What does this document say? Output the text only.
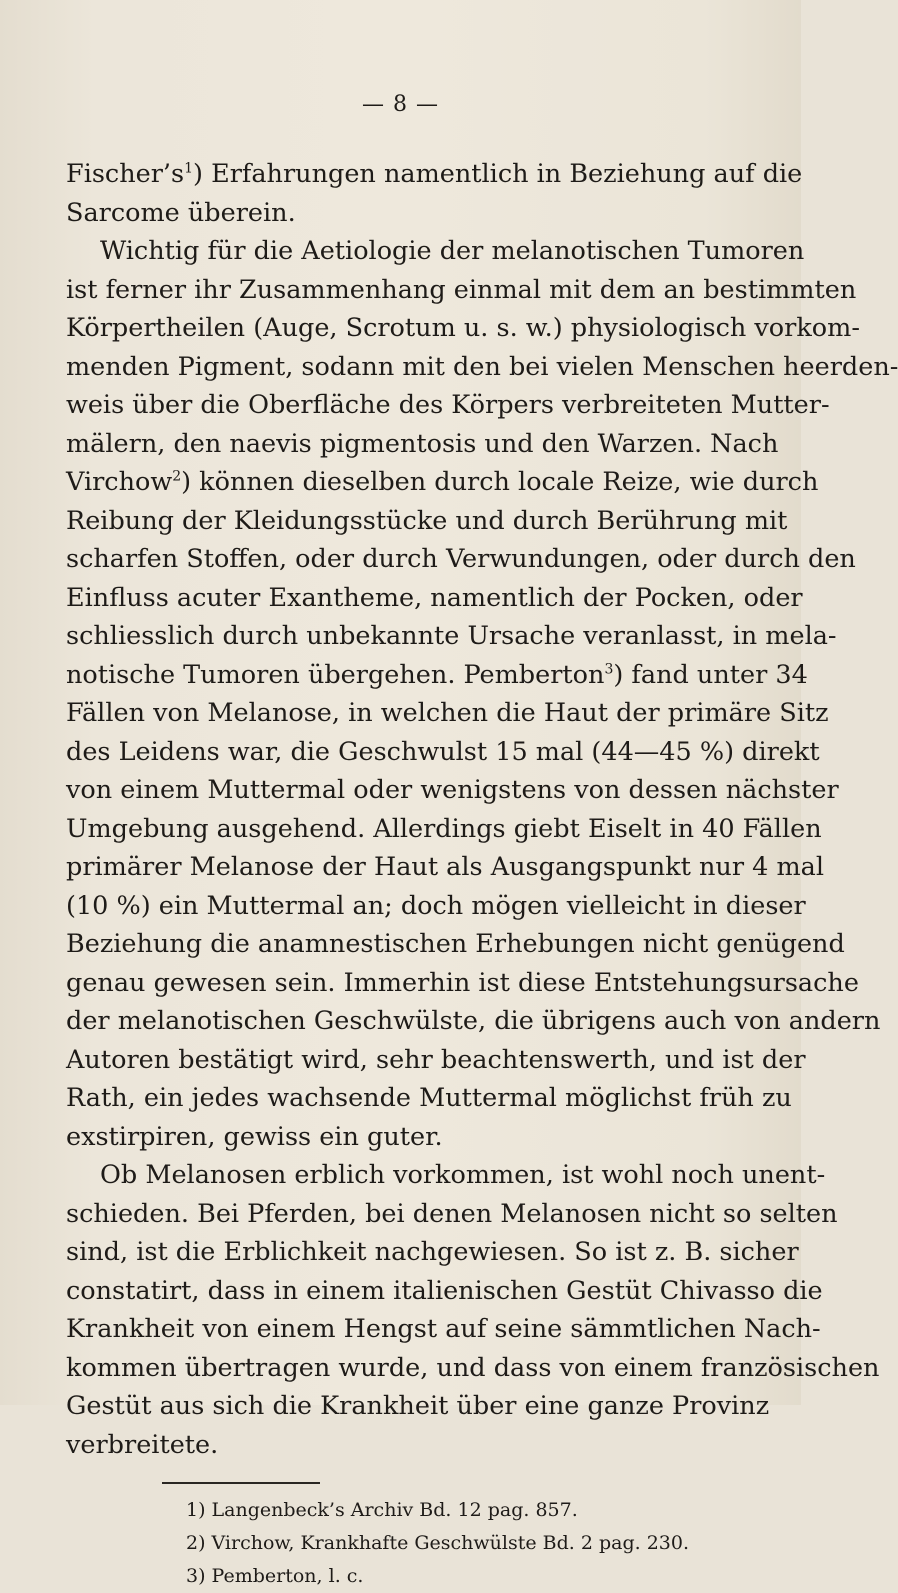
— 8 —
$Fischer’s^1$) Erfahrungen namentlich in Beziehung auf die
Sarcome überein.
Wichtig für die Aetiologie der melanotischen Tumoren
ist ferner ihr Zusammenhang einmal mit dem an bestimmten
Körpertheilen (Auge, Scrotum u. s. w.) physiologisch vorkom-
menden Pigment, sodann mit den bei vielen Menschen heerden-
weis über die Oberfläche des Körpers verbreiteten Mutter-
mälern, den naevis pigmentosis und den Warzen. Nach
Virchow$^2$) können dieselben durch locale Reize, wie durch
Reibung der Kleidungsstücke und durch Berührung mit
scharfen Stoffen, oder durch Verwundungen, oder durch den
Einfluss acuter Exantheme, namentlich der Pocken, oder
schliesslich durch unbekannte Ursache veranlasst, in mela-
notische Tumoren übergehen. Pemberton$^3$) fand unter 34
Fällen von Melanose, in welchen die Haut der primäre Sitz
des Leidens war, die Geschwulst 15 mal (44—45 %) direkt
von einem Muttermal oder wenigstens von dessen nächster
Umgebung ausgehend. Allerdings giebt Eiselt in 40 Fällen
primärer Melanose der Haut als Ausgangspunkt nur 4 mal
(10 %) ein Muttermal an; doch mögen vielleicht in dieser
Beziehung die anamnestischen Erhebungen nicht genügend
genau gewesen sein. Immerhin ist diese Entstehungsursache
der melanotischen Geschwülste, die übrigens auch von andern
Autoren bestätigt wird, sehr beachtenswerth, und ist der
Rath, ein jedes wachsende Muttermal möglichst früh zu
exstirpiren, gewiss ein guter.
Ob Melanosen erblich vorkommen, ist wohl noch unent-
schieden. Bei Pferden, bei denen Melanosen nicht so selten
sind, ist die Erblichkeit nachgewiesen. So ist z. B. sicher
constatirt, dass in einem italienischen Gestüt Chivasso die
Krankheit von einem Hengst auf seine sämmtlichen Nach-
kommen übertragen wurde, und dass von einem französischen
Gestüt aus sich die Krankheit über eine ganze Provinz
verbreitete.
1) Langenbeck’s Archiv Bd. 12 pag. 857.
2) Virchow, Krankhafte Geschwülste Bd. 2 pag. 230.
3) Pemberton, l. c.
